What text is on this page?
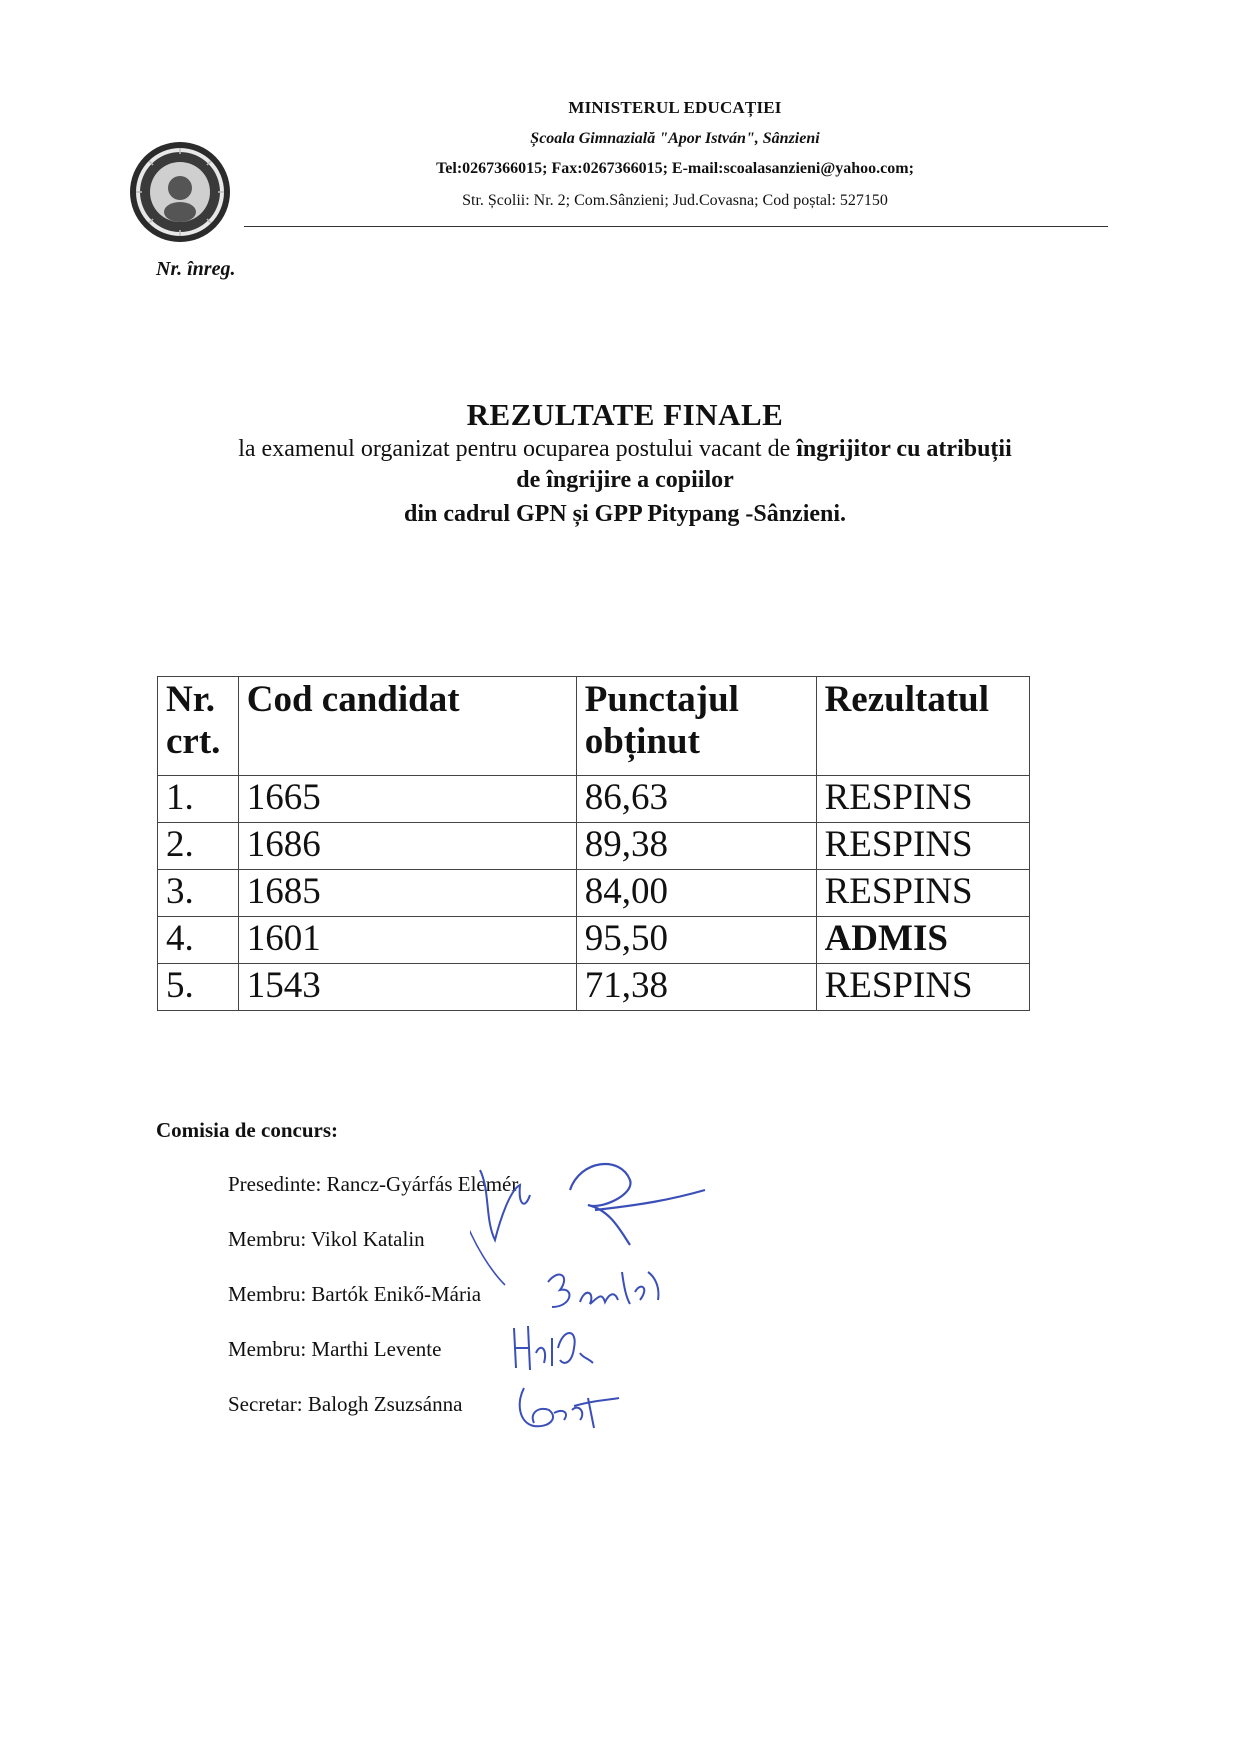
MINISTERUL EDUCAȚIEI
Școala Gimnazială "Apor István", Sânzieni
Tel:0267366015; Fax:0267366015; E-mail:scoalasanzieni@yahoo.com;
Str. Școlii: Nr. 2; Com.Sânzieni; Jud.Covasna; Cod poștal: 527150
Nr. înreg.
REZULTATE FINALE
la examenul organizat pentru ocuparea postului vacant de îngrijitor cu atribuții
de îngrijire a copiilor
din cadrul GPN și GPP Pitypang -Sânzieni.
Nr. crt.	Cod candidat	Punctajul obținut	Rezultatul
1.	1665	86,63	RESPINS
2.	1686	89,38	RESPINS
3.	1685	84,00	RESPINS
4.	1601	95,50	ADMIS
5.	1543	71,38	RESPINS
Comisia de concurs:
Presedinte: Rancz-Gyárfás Elemér
Membru: Vikol Katalin
Membru: Bartók Enikő-Mária
Membru: Marthi Levente
Secretar: Balogh Zsuzsánna
